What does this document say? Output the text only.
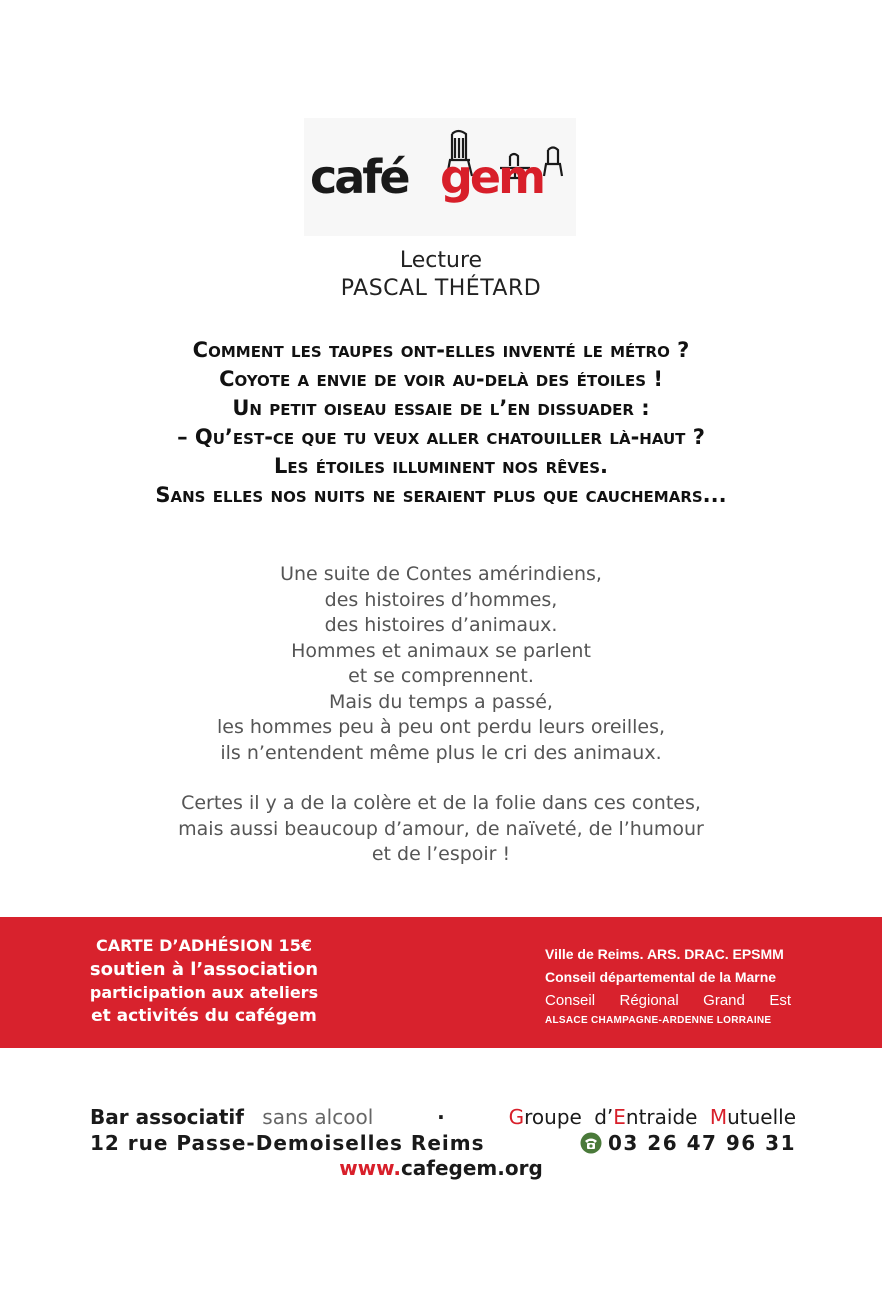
café gem
Lecture
PASCAL THÉTARD
Comment les taupes ont-elles inventé le métro ?
Coyote a envie de voir au-delà des étoiles !
Un petit oiseau essaie de l’en dissuader :
– Qu’est-ce que tu veux aller chatouiller là-haut ?
Les étoiles illuminent nos rêves.
Sans elles nos nuits ne seraient plus que cauchemars...
Une suite de Contes amérindiens,
des histoires d’hommes,
des histoires d’animaux.
Hommes et animaux se parlent
et se comprennent.
Mais du temps a passé,
les hommes peu à peu ont perdu leurs oreilles,
ils n’entendent même plus le cri des animaux.
Certes il y a de la colère et de la folie dans ces contes,
mais aussi beaucoup d’amour, de naïveté, de l’humour
et de l’espoir !
CARTE D’ADHÉSION 15€
soutien à l’association
participation aux ateliers
et activités du cafégem
Ville de Reims. ARS. DRAC. EPSMM
Conseil départemental de la Marne
Conseil Régional Grand Est
ALSACE CHAMPAGNE-ARDENNE LORRAINE
Bar associatif sans alcool	·	Groupe d’Entraide Mutuelle
12 rue Passe-Demoiselles Reims	03 26 47 96 31
www.cafegem.org
